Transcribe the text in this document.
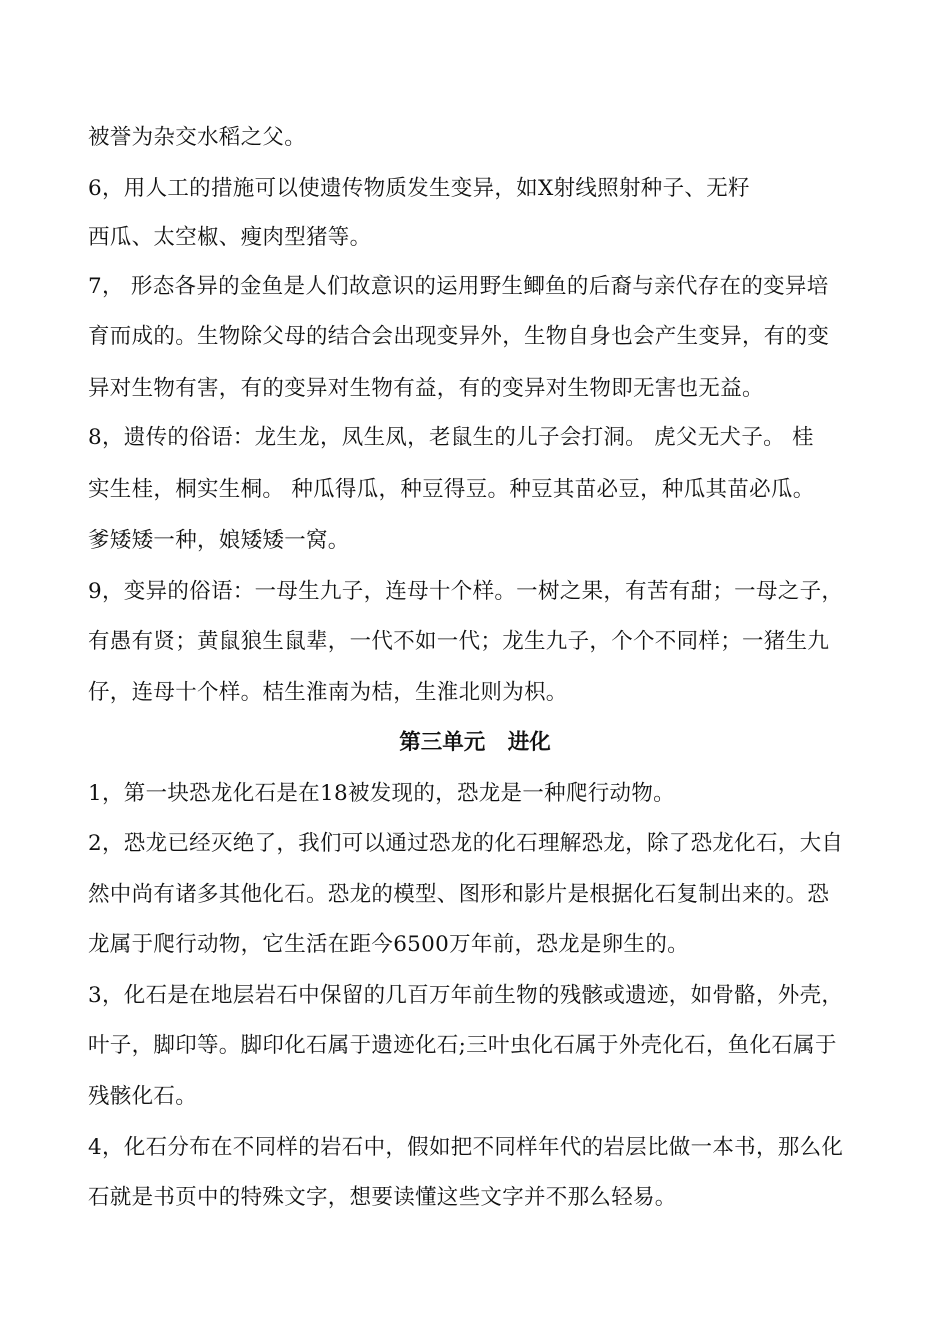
被誉为杂交水稻之父。
6，用人工的措施可以使遗传物质发生变异，如X射线照射种子、无籽
西瓜、太空椒、瘦肉型猪等。
7， 形态各异的金鱼是人们故意识的运用野生鲫鱼的后裔与亲代存在的变异培
育而成的。生物除父母的结合会出现变异外，生物自身也会产生变异，有的变
异对生物有害，有的变异对生物有益，有的变异对生物即无害也无益。
8，遗传的俗语：龙生龙，凤生凤，老鼠生的儿子会打洞。 虎父无犬子。 桂
实生桂，桐实生桐。 种瓜得瓜，种豆得豆。种豆其苗必豆，种瓜其苗必瓜。
爹矮矮一种，娘矮矮一窝。
9，变异的俗语：一母生九子，连母十个样。一树之果，有苦有甜；一母之子，
有愚有贤；黄鼠狼生鼠辈，一代不如一代；龙生九子，个个不同样；一猪生九
仔，连母十个样。桔生淮南为桔，生淮北则为枳。
第三单元   进化
1，第一块恐龙化石是在18被发现的，恐龙是一种爬行动物。
2，恐龙已经灭绝了，我们可以通过恐龙的化石理解恐龙，除了恐龙化石，大自
然中尚有诸多其他化石。恐龙的模型、图形和影片是根据化石复制出来的。恐
龙属于爬行动物，它生活在距今6500万年前，恐龙是卵生的。
3，化石是在地层岩石中保留的几百万年前生物的残骸或遗迹，如骨骼，外壳，
叶子，脚印等。脚印化石属于遗迹化石;三叶虫化石属于外壳化石，鱼化石属于
残骸化石。
4，化石分布在不同样的岩石中，假如把不同样年代的岩层比做一本书，那么化
石就是书页中的特殊文字，想要读懂这些文字并不那么轻易。
